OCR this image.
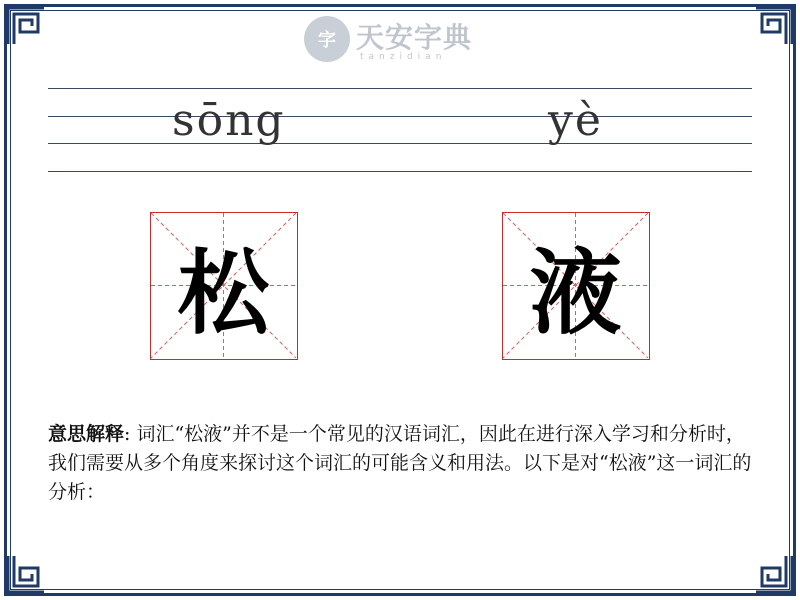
字 天安字典
tanzidian
sōng	yè
松	液
意思解释: 词汇“松液”并不是一个常见的汉语词汇，因此在进行深入学习和分析时，我们需要从多个角度来探讨这个词汇的可能含义和用法。以下是对“松液”这一词汇的分析：
